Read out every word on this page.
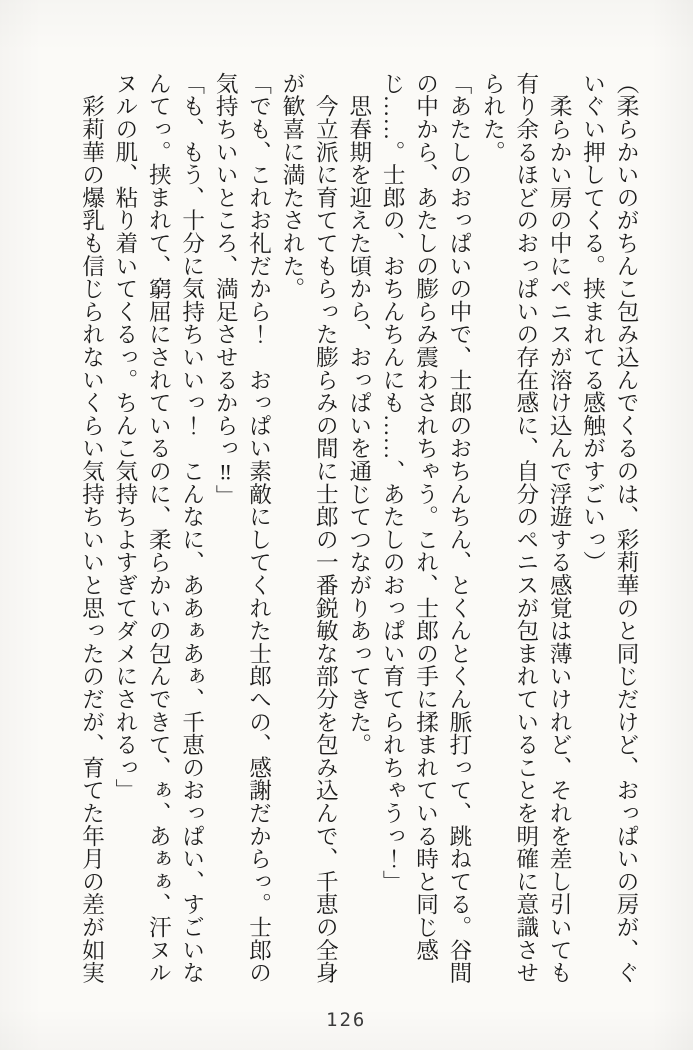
（柔らかいのがちんこ包み込んでくるのは、彩莉華のと同じだけど、おっぱいの房が、ぐいぐい押してくる。挟まれてる感触がすごいっ）

　柔らかい房の中にペニスが溶け込んで浮遊する感覚は薄いけれど、それを差し引いても有り余るほどのおっぱいの存在感に、自分のペニスが包まれていることを明確に意識させられた。

「あたしのおっぱいの中で、士郎のおちんちん、とくんとくん脈打って、跳ねてる。谷間の中から、あたしの膨らみ震わされちゃう。これ、士郎の手に揉まれている時と同じ感じ……。士郎の、おちんちんにも……、あたしのおっぱい育てられちゃうっ！」

　思春期を迎えた頃から、おっぱいを通じてつながりあってきた。

　今立派に育ててもらった膨らみの間に士郎の一番鋭敏な部分を包み込んで、千恵の全身が歓喜に満たされた。

「でも、これお礼だから！　おっぱい素敵にしてくれた士郎への、感謝だからっ。士郎の気持ちいいところ、満足させるからっ‼」

「も、もう、十分に気持ちいいっ！　こんなに、ああぁあぁ、千恵のおっぱい、すごいなんてっ。挟まれて、窮屈にされているのに、柔らかいの包んできて、ぁ、あぁぁ、汗ヌルヌルの肌、粘り着いてくるっ。ちんこ気持ちよすぎてダメにされるっ」

　彩莉華の爆乳も信じられないくらい気持ちいいと思ったのだが、育てた年月の差が如実

126
